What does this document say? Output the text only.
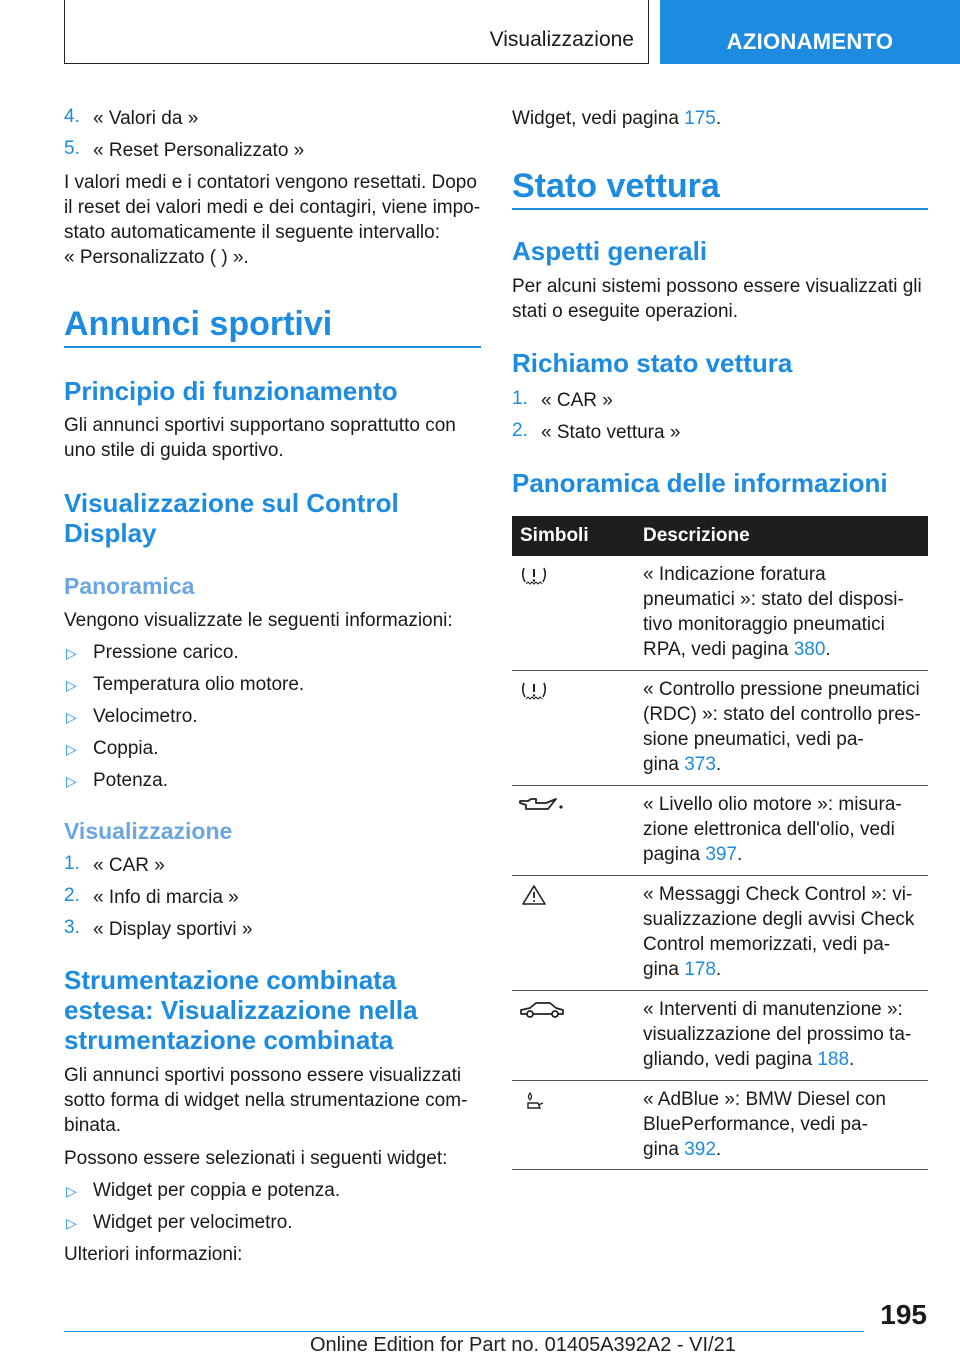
Visualizzazione	AZIONAMENTO
4. « Valori da »
5. « Reset Personalizzato »

I valori medi e i contatori vengono resettati. Dopo

il reset dei valori medi e dei contagiri, viene impo-

stato automaticamente il seguente intervallo:

« Personalizzato ( ) ».

Annunci sportivi
Principio di funzionamento

Gli annunci sportivi supportano soprattutto con

uno stile di guida sportivo.

Visualizzazione sul Control
Display
Panoramica

Vengono visualizzate le seguenti informazioni:

▷ Pressione carico.
▷ Temperatura olio motore.
▷ Velocimetro.
▷ Coppia.
▷ Potenza.
Visualizzazione
1. « CAR »
2. « Info di marcia »
3. « Display sportivi »
Strumentazione combinata
estesa: Visualizzazione nella
strumentazione combinata

Gli annunci sportivi possono essere visualizzati

sotto forma di widget nella strumentazione com-

binata.

Possono essere selezionati i seguenti widget:

▷ Widget per coppia e potenza.
▷ Widget per velocimetro.

Ulteriori informazioni:

Widget, vedi pagina 175.

Stato vettura
Aspetti generali

Per alcuni sistemi possono essere visualizzati gli

stati o eseguite operazioni.

Richiamo stato vettura
1. « CAR »
2. « Stato vettura »
Panoramica delle informazioni
Simboli	Descrizione
« Indicazione foratura
pneumatici »: stato del disposi-
tivo monitoraggio pneumatici
RPA, vedi pagina 380.
« Controllo pressione pneumatici
(RDC) »: stato del controllo pres-
sione pneumatici, vedi pa-
gina 373.
« Livello olio motore »: misura-
zione elettronica dell'olio, vedi
pagina 397.
« Messaggi Check Control »: vi-
sualizzazione degli avvisi Check
Control memorizzati, vedi pa-
gina 178.
« Interventi di manutenzione »:
visualizzazione del prossimo ta-
gliando, vedi pagina 188.
« AdBlue »: BMW Diesel con
BluePerformance, vedi pa-
gina 392.
195
Online Edition for Part no. 01405A392A2 - VI/21
